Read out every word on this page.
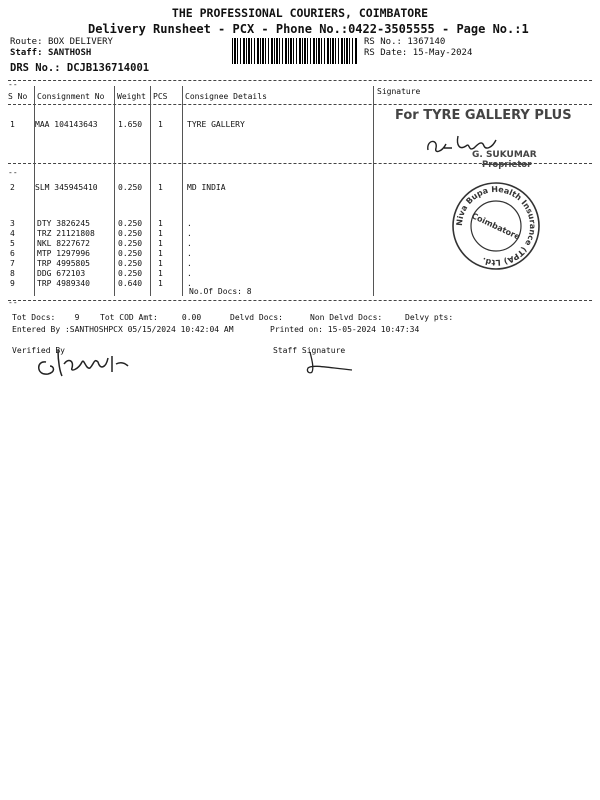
THE PROFESSIONAL COURIERS, COIMBATORE
Delivery Runsheet - PCX - Phone No.:0422-3505555 - Page No.:1
Route: BOX DELIVERY
Staff: SANTHOSH
DRS No.: DCJB136714001
RS No.: 1367140
RS Date: 15-May-2024
--
--
--
S No Consignment No Weight PCS Consignee Details
Signature
1	MAA 104143643	1.650 1	TYRE GALLERY
2	SLM 345945410	0.250 1	MD INDIA
3	DTY 3826245	0.250 1	.
4	TRZ 21121808	0.250 1	.
5	NKL 8227672	0.250 1	.
6	MTP 1297996	0.250 1	.
7	TRP 4995805	0.250 1	.
8	DDG 672103	0.250 1	.
9	TRP 4989340	0.640 1	.
No.Of Docs: 8
For TYRE GALLERY PLUS
G. SUKUMAR
Proprietor
Niva Bupa Health Insurance (TPA) Ltd.
Coimbatore
Tot Docs: 9	Tot COD Amt:	0.00	Delvd Docs:	Non Delvd Docs:	Delvy pts:
Entered By :SANTHOSHPCX 05/15/2024 10:42:04 AM	Printed on: 15-05-2024 10:47:34
Verified By	Staff Signature
